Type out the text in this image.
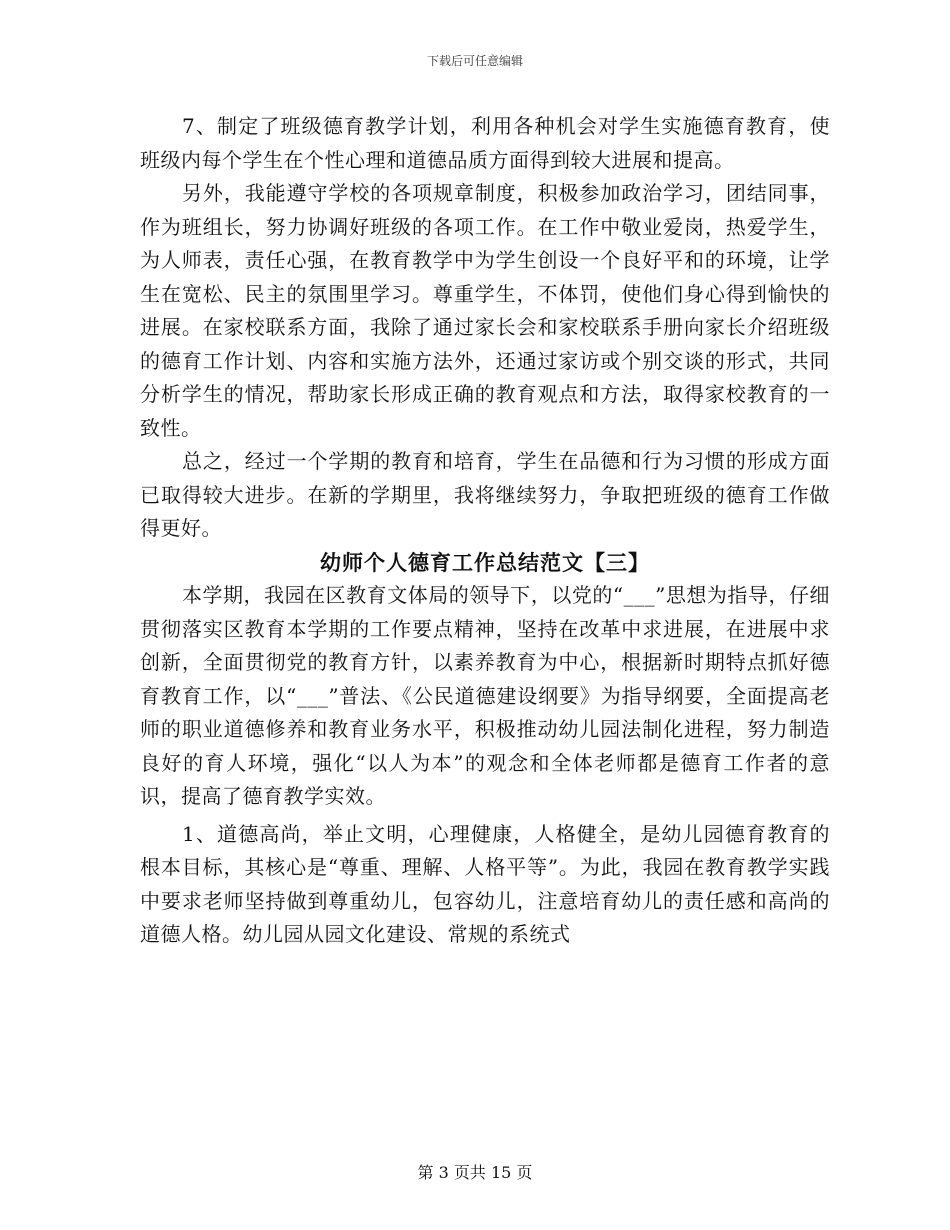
下载后可任意编辑

7、制定了班级德育教学计划，利用各种机会对学生实施德育教育，使班级内每个学生在个性心理和道德品质方面得到较大进展和提高。

另外，我能遵守学校的各项规章制度，积极参加政治学习，团结同事，作为班组长，努力协调好班级的各项工作。在工作中敬业爱岗，热爱学生，为人师表，责任心强，在教育教学中为学生创设一个良好平和的环境，让学生在宽松、民主的氛围里学习。尊重学生，不体罚，使他们身心得到愉快的进展。在家校联系方面，我除了通过家长会和家校联系手册向家长介绍班级的德育工作计划、内容和实施方法外，还通过家访或个别交谈的形式，共同分析学生的情况，帮助家长形成正确的教育观点和方法，取得家校教育的一致性。

总之，经过一个学期的教育和培育，学生在品德和行为习惯的形成方面已取得较大进步。在新的学期里，我将继续努力，争取把班级的德育工作做得更好。

幼师个人德育工作总结范文【三】

本学期，我园在区教育文体局的领导下，以党的“___”思想为指导，仔细贯彻落实区教育本学期的工作要点精神，坚持在改革中求进展，在进展中求创新，全面贯彻党的教育方针，以素养教育为中心，根据新时期特点抓好德育教育工作，以“___”普法、《公民道德建设纲要》为指导纲要，全面提高老师的职业道德修养和教育业务水平，积极推动幼儿园法制化进程，努力制造良好的育人环境，强化“以人为本”的观念和全体老师都是德育工作者的意识，提高了德育教学实效。

1、道德高尚，举止文明，心理健康，人格健全，是幼儿园德育教育的根本目标，其核心是“尊重、理解、人格平等”。为此，我园在教育教学实践中要求老师坚持做到尊重幼儿，包容幼儿，注意培育幼儿的责任感和高尚的道德人格。幼儿园从园文化建设、常规的系统式

第 3 页共 15 页
